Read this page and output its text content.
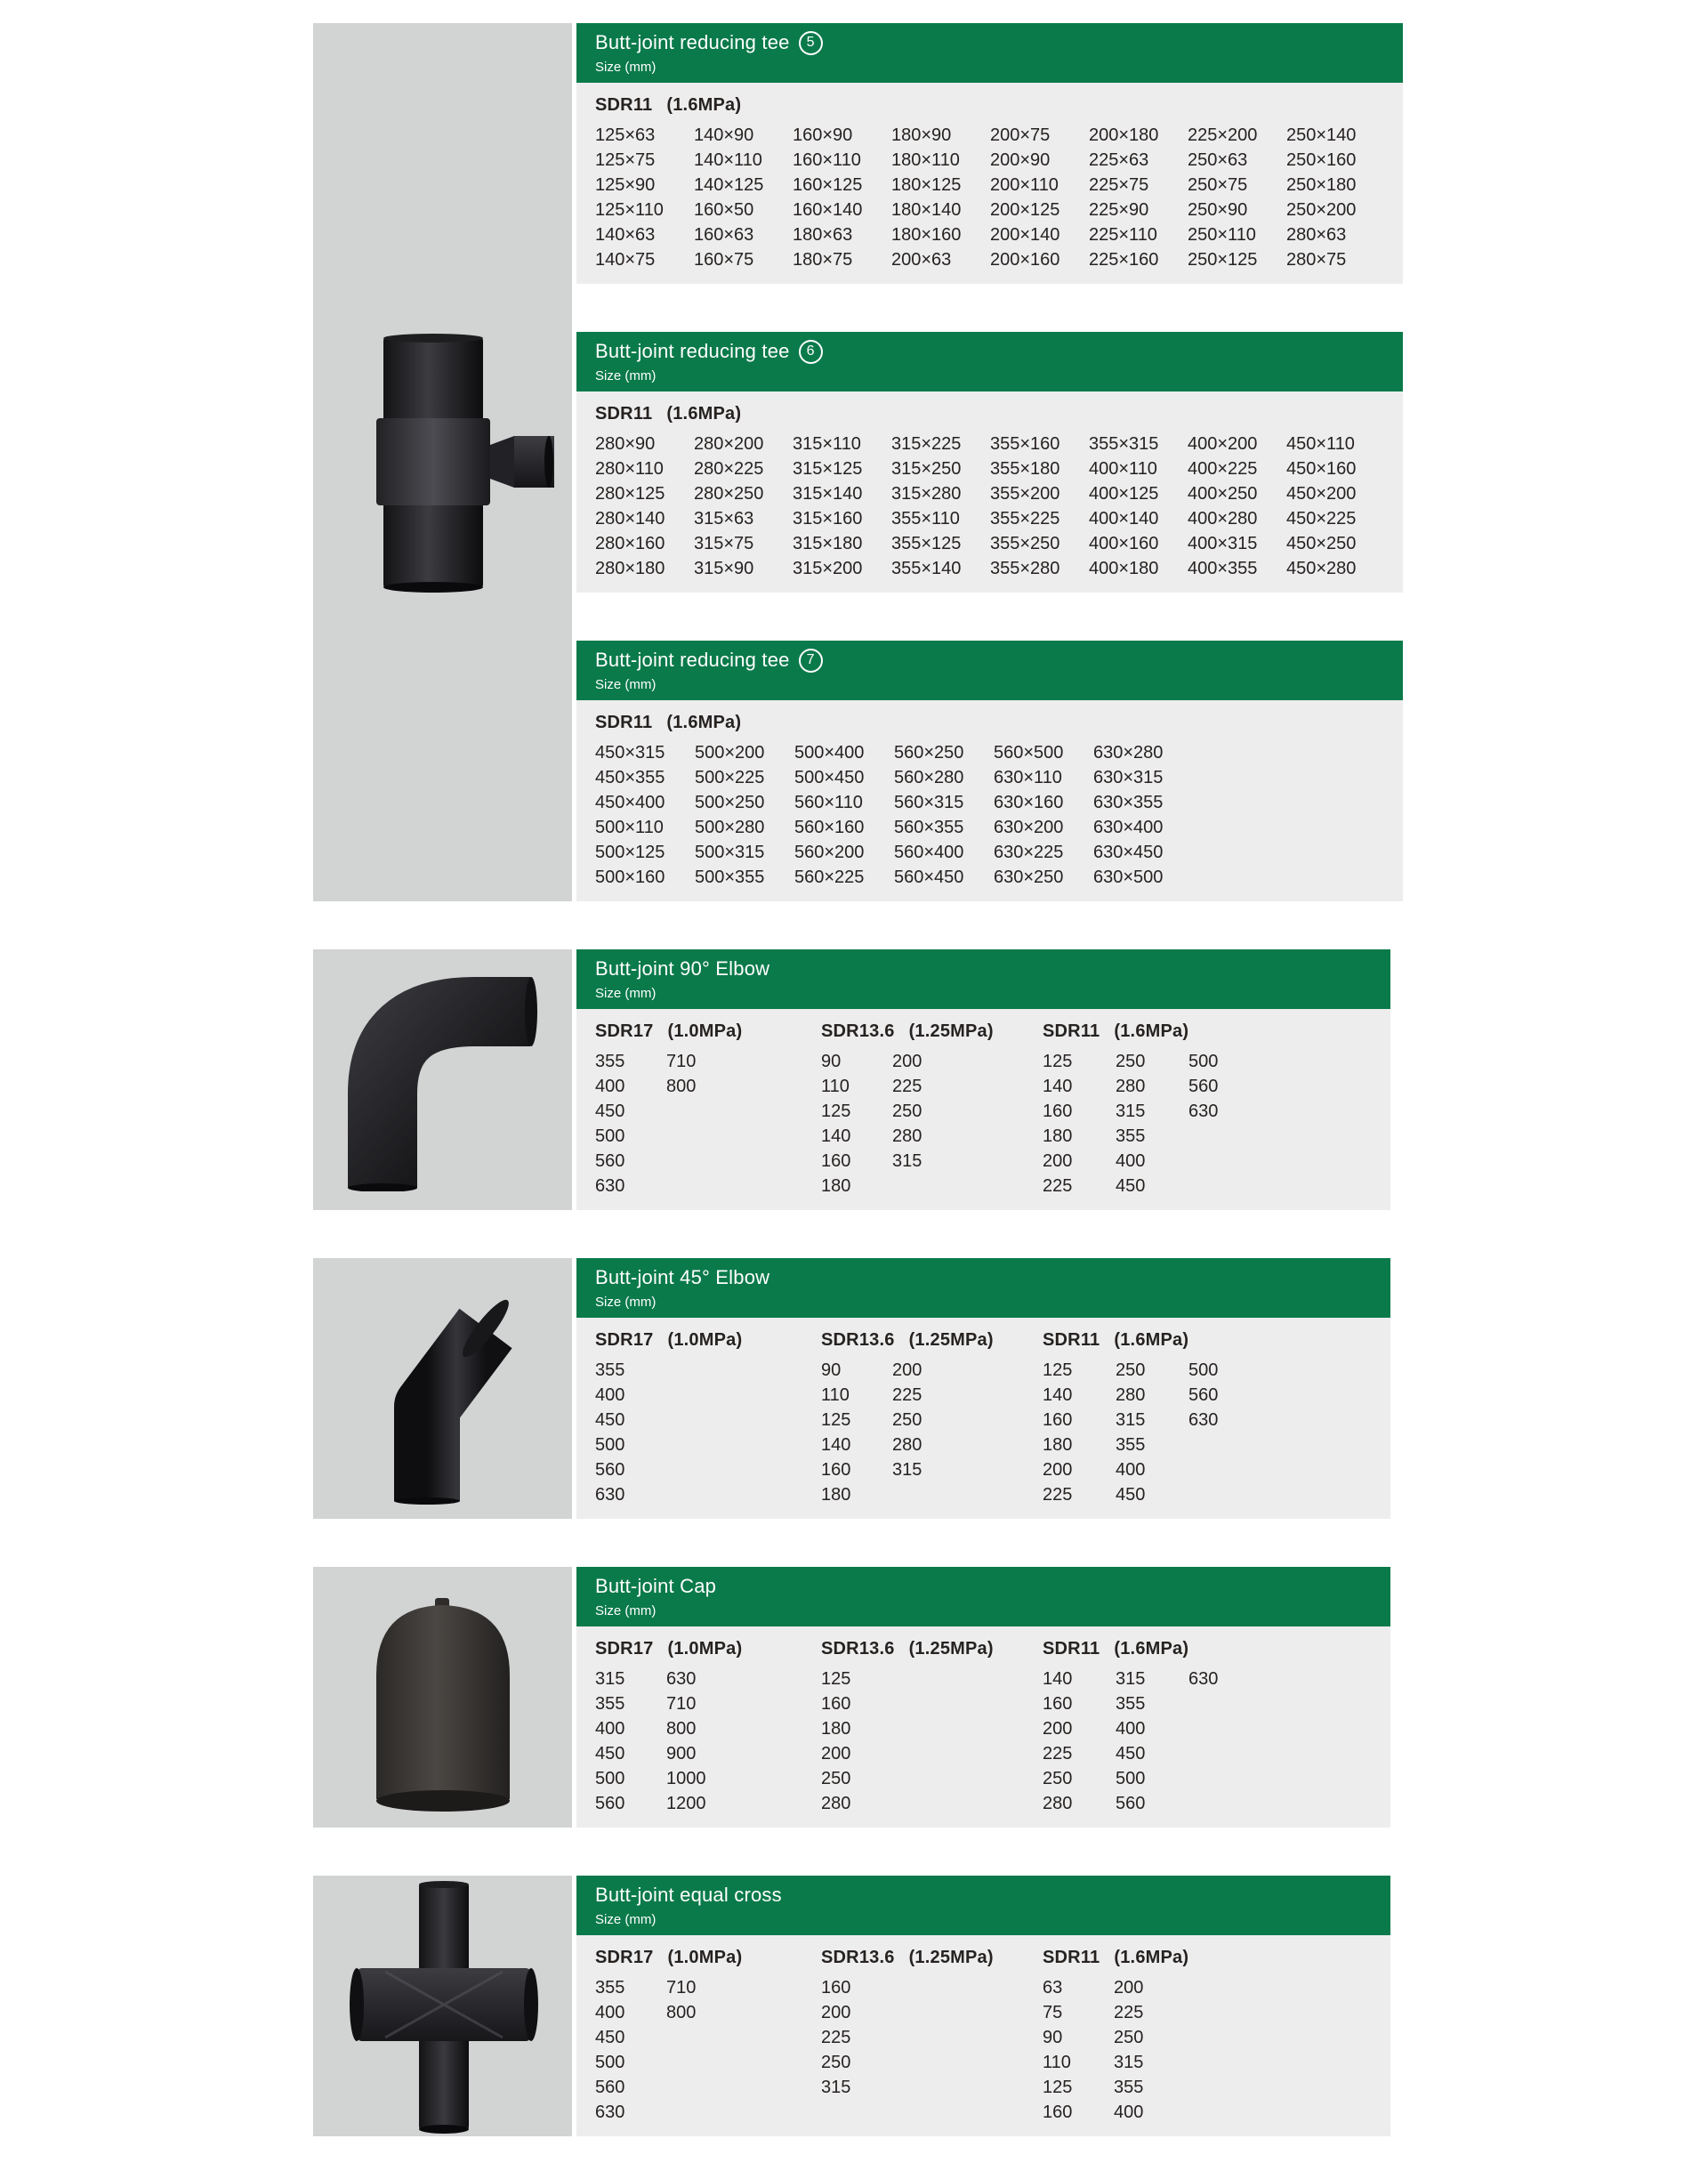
Butt-joint reducing tee	5
Size (mm)
SDR11 (1.6MPa)
125×63	140×90	160×90	180×90	200×75	200×180	225×200	250×140
125×75	140×110	160×110	180×110	200×90	225×63	250×63	250×160
125×90	140×125	160×125	180×125	200×110	225×75	250×75	250×180
125×110	160×50	160×140	180×140	200×125	225×90	250×90	250×200
140×63	160×63	180×63	180×160	200×140	225×110	250×110	280×63
140×75	160×75	180×75	200×63	200×160	225×160	250×125	280×75
Butt-joint reducing tee	6
Size (mm)
SDR11 (1.6MPa)
280×90	280×200	315×110	315×225	355×160	355×315	400×200	450×110
280×110	280×225	315×125	315×250	355×180	400×110	400×225	450×160
280×125	280×250	315×140	315×280	355×200	400×125	400×250	450×200
280×140	315×63	315×160	355×110	355×225	400×140	400×280	450×225
280×160	315×75	315×180	355×125	355×250	400×160	400×315	450×250
280×180	315×90	315×200	355×140	355×280	400×180	400×355	450×280
Butt-joint reducing tee	7
Size (mm)
SDR11 (1.6MPa)
450×315	500×200	500×400	560×250	560×500	630×280
450×355	500×225	500×450	560×280	630×110	630×315
450×400	500×250	560×110	560×315	630×160	630×355
500×110	500×280	560×160	560×355	630×200	630×400
500×125	500×315	560×200	560×400	630×225	630×450
500×160	500×355	560×225	560×450	630×250	630×500
Butt-joint 90° Elbow
Size (mm)
SDR17 (1.0MPa)
355	710
400	800
450
500
560
630
SDR13.6 (1.25MPa)
90	200
110	225
125	250
140	280
160	315
180
SDR11 (1.6MPa)
125	250	500
140	280	560
160	315	630
180	355
200	400
225	450
Butt-joint 45° Elbow
Size (mm)
SDR17 (1.0MPa)
355
400
450
500
560
630
SDR13.6 (1.25MPa)
90	200
110	225
125	250
140	280
160	315
180
SDR11 (1.6MPa)
125	250	500
140	280	560
160	315	630
180	355
200	400
225	450
Butt-joint Cap
Size (mm)
SDR17 (1.0MPa)
315	630
355	710
400	800
450	900
500	1000
560	1200
SDR13.6 (1.25MPa)
125
160
180
200
250
280
SDR11 (1.6MPa)
140	315	630
160	355
200	400
225	450
250	500
280	560
Butt-joint equal cross
Size (mm)
SDR17 (1.0MPa)
355	710
400	800
450
500
560
630
SDR13.6 (1.25MPa)
160
200
225
250
315
SDR11 (1.6MPa)
63	200
75	225
90	250
110	315
125	355
160	400
